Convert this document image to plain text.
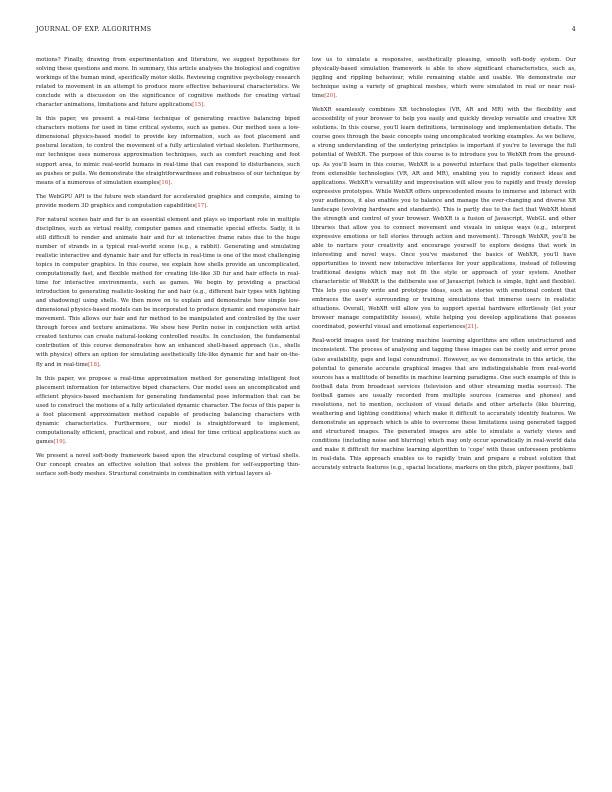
JOURNAL OF EXP. ALGORITHMS	4

motions? Finally, drawing from experimentation and literature, we suggest hypotheses for solving these questions and more. In summary, this article analyses the biological and cognitive workings of the human mind, specifically motor skills. Reviewing cognitive psychology research related to movement in an attempt to produce more effective behavioural characteristics. We conclude with a discussion on the significance of cognitive methods for creating virtual character animations, limitations and future applications[15].

In this paper, we present a real-time technique of generating reactive balancing biped characters motions for used in time critical systems, such as games. Our method uses a low-dimensional physics-based model to provide key information, such as foot placement and postural location, to control the movement of a fully articulated virtual skeleton. Furthermore, our technique uses numerous approximation techniques, such as comfort reaching and foot support area, to mimic real-world humans in real-time that can respond to disturbances, such as pushes or pulls. We demonstrate the straightforwardness and robustness of our technique by means of a numerous of simulation examples[16].

The WebGPU API is the future web standard for accelerated graphics and compute, aiming to provide modern 3D graphics and computation capabilities[17].

For natural scenes hair and fur is an essential element and plays so important role in multiple disciplines, such as virtual reality, computer games and cinematic special effects. Sadly, it is still difficult to render and animate hair and fur at interactive frame rates due to the huge number of strands in a typical real-world scene (e.g., a rabbit). Generating and simulating realistic interactive and dynamic hair and fur effects in real-time is one of the most challenging topics in computer graphics. In this course, we explain how shells provide an uncomplicated, computationally fast, and flexible method for creating life-like 3D fur and hair effects in real-time for interactive environments, such as games. We begin by providing a practical introduction to generating realistic-looking fur and hair (e.g., different hair types with lighting and shadowing) using shells. We then move on to explain and demonstrate how simple low-dimensional physics-based models can be incorporated to produce dynamic and responsive hair movement. This allows our hair and fur method to be manipulated and controlled by the user through forces and texture animations. We show how Perlin noise in conjunction with artist created textures can create natural-looking controlled results. In conclusion, the fundamental contribution of this course demonstrates how an enhanced shell-based approach (i.e., shells with physics) offers an option for simulating aesthetically life-like dynamic fur and hair on-the-fly and in real-time[18].

In this paper, we propose a real-time approximation method for generating intelligent foot placement information for interactive biped characters. Our model uses an uncomplicated and efficient physics-based mechanism for generating fundamental pose information that can be used to construct the motions of a fully articulated dynamic character. The focus of this paper is a foot placement approximation method capable of producing balancing characters with dynamic characteristics. Furthermore, our model is straightforward to implement, computationally efficient, practical and robust, and ideal for time critical applications such as games[19].

We present a novel soft-body framework based upon the structural coupling of virtual shells. Our concept creates an effective solution that solves the problem for self-supporting thin-surface soft-body meshes. Structural constraints in combination with virtual layers al-

low us to simulate a responsive, aesthetically pleasing, smooth soft-body system. Our physically-based simulation framework is able to show significant characteristics, such as, jiggling and rippling behaviour, while remaining stable and usable. We demonstrate our technique using a variety of graphical meshes, which were simulated in real or near real-time[20].

WebXR seamlessly combines XR technologies (VR, AR and MR) with the flexibility and accessibility of your browser to help you easily and quickly develop versatile and creative XR solutions. In this course, you'll learn definitions, terminology and implementation details. The course goes through the basic concepts using uncomplicated working examples. As we believe, a strong understanding of the underlying principles is important if you're to leverage the full potential of WebXR. The purpose of this course is to introduce you to WebXR from the ground-up. As you'll learn in this course, WebXR is a powerful interface that pulls together elements from extensible technologies (VR, AR and MR), enabling you to rapidly connect ideas and applications. WebXR's versatility and improvisation will allow you to rapidly and freely develop expressive prototypes. While WebXR offers unprecedented means to immerse and interact with your audiences, it also enables you to balance and manage the ever-changing and diverse XR landscape (evolving hardware and standards). This is partly due to the fact that WebXR blend the strength and control of your browser. WebXR is a fusion of Javascript, WebGL and other libraries that allow you to connect movement and visuals in unique ways (e.g., interpret expressive emotions or tell stories through action and movement). Through WebXR, you'll be able to nurture your creativity and encourage yourself to explore designs that work in interesting and novel ways. Once you've mastered the basics of WebXR, you'll have opportunities to invent new interactive interfaces for your applications, instead of following traditional designs which may not fit the style or approach of your system. Another characteristic of WebXR is the deliberate use of Javascript (which is simple, light and flexible). This lets you easily write and prototype ideas, such as stories with emotional content that embraces the user's surrounding or training simulations that immerse users in realistic situations. Overall, WebXR will allow you to support special hardware effortlessly (let your browser manage compatibility issues), while helping you develop applications that possess coordinated, powerful visual and emotional experiences[21].

Real-world images used for training machine learning algorithms are often unstructured and inconsistent. The process of analysing and tagging these images can be costly and error prone (also availability, gaps and legal conundrums). However, as we demonstrate in this article, the potential to generate accurate graphical images that are indistinguishable from real-world sources has a multitude of benefits in machine learning paradigms. One such example of this is football data from broadcast services (television and other streaming media sources). The football games are usually recorded from multiple sources (cameras and phones) and resolutions, not to mention, occlusion of visual details and other artefacts (like blurring, weathering and lighting conditions) which make it difficult to accurately identify features. We demonstrate an approach which is able to overcome these limitations using generated tagged and structured images. The generated images are able to simulate a variety views and conditions (including noise and blurring) which may only occur sporadically in real-world data and make it difficult for machine learning algorithm to 'cope' with these unforeseen problems in real-data. This approach enables us to rapidly train and prepare a robust solution that accurately extracts features (e.g., spacial locations, markers on the pitch, player positions, ball
